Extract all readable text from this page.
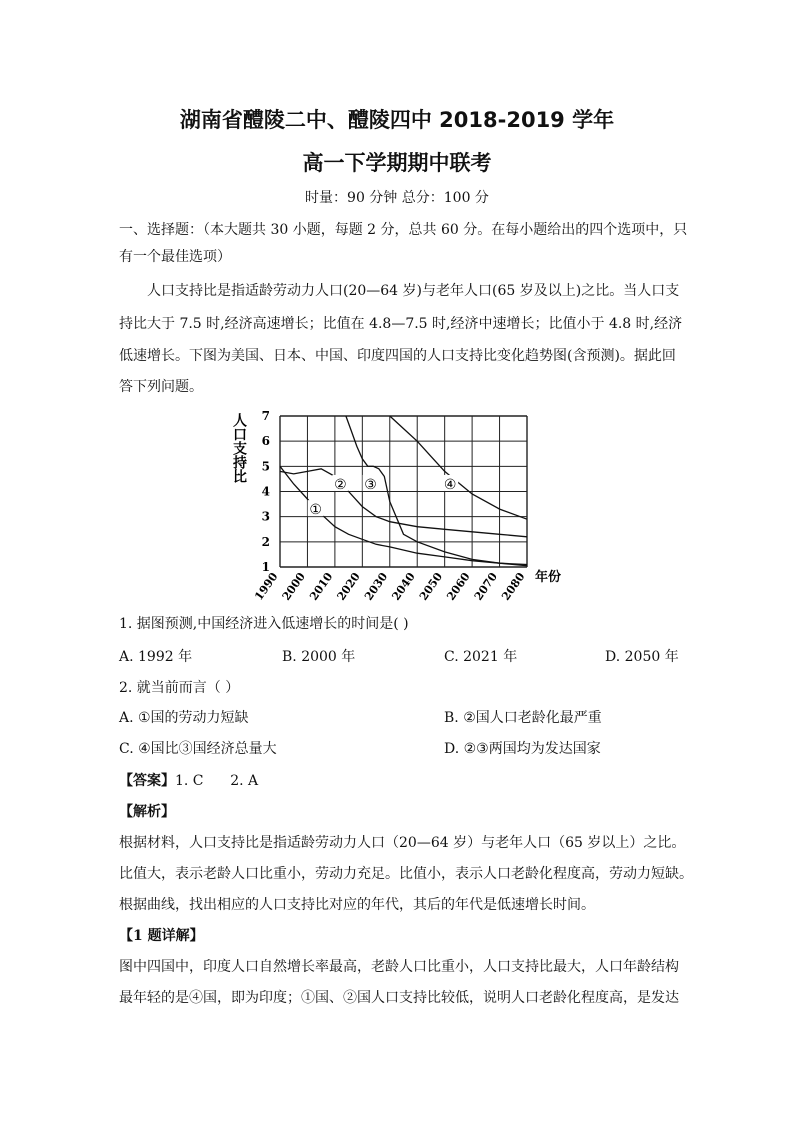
湖南省醴陵二中、醴陵四中 2018-2019 学年
高一下学期期中联考
时量：90 分钟 总分：100 分
一、选择题：（本大题共 30 小题，每题 2 分，总共 60 分。在每小题给出的四个选项中，只
有一个最佳选项）
人口支持比是指适龄劳动力人口(20—64 岁)与老年人口(65 岁及以上)之比。当人口支
持比大于 7.5 时,经济高速增长；比值在 4.8—7.5 时,经济中速增长；比值小于 4.8 时,经济
低速增长。下图为美国、日本、中国、印度四国的人口支持比变化趋势图(含预测)。据此回
答下列问题。
人口支持比
年份
1
2
3
4
5
6
7
1990 2000 2010 2020 2030 2040 2050 2060 2070 2080
①
② ③	④
1. 据图预测,中国经济进入低速增长的时间是( )
A. 1992 年	B. 2000 年	C. 2021 年	D. 2050 年
2. 就当前而言（ ）
A. ①国的劳动力短缺	B. ②国人口老龄化最严重
C. ④国比③国经济总量大	D. ②③两国均为发达国家
【答案】1. C      2. A
【解析】
根据材料，人口支持比是指适龄劳动力人口（20—64 岁）与老年人口（65 岁以上）之比。
比值大，表示老龄人口比重小，劳动力充足。比值小，表示人口老龄化程度高，劳动力短缺。
根据曲线，找出相应的人口支持比对应的年代，其后的年代是低速增长时间。
【1 题详解】
图中四国中，印度人口自然增长率最高，老龄人口比重小，人口支持比最大，人口年龄结构
最年轻的是④国，即为印度；①国、②国人口支持比较低，说明人口老龄化程度高，是发达
